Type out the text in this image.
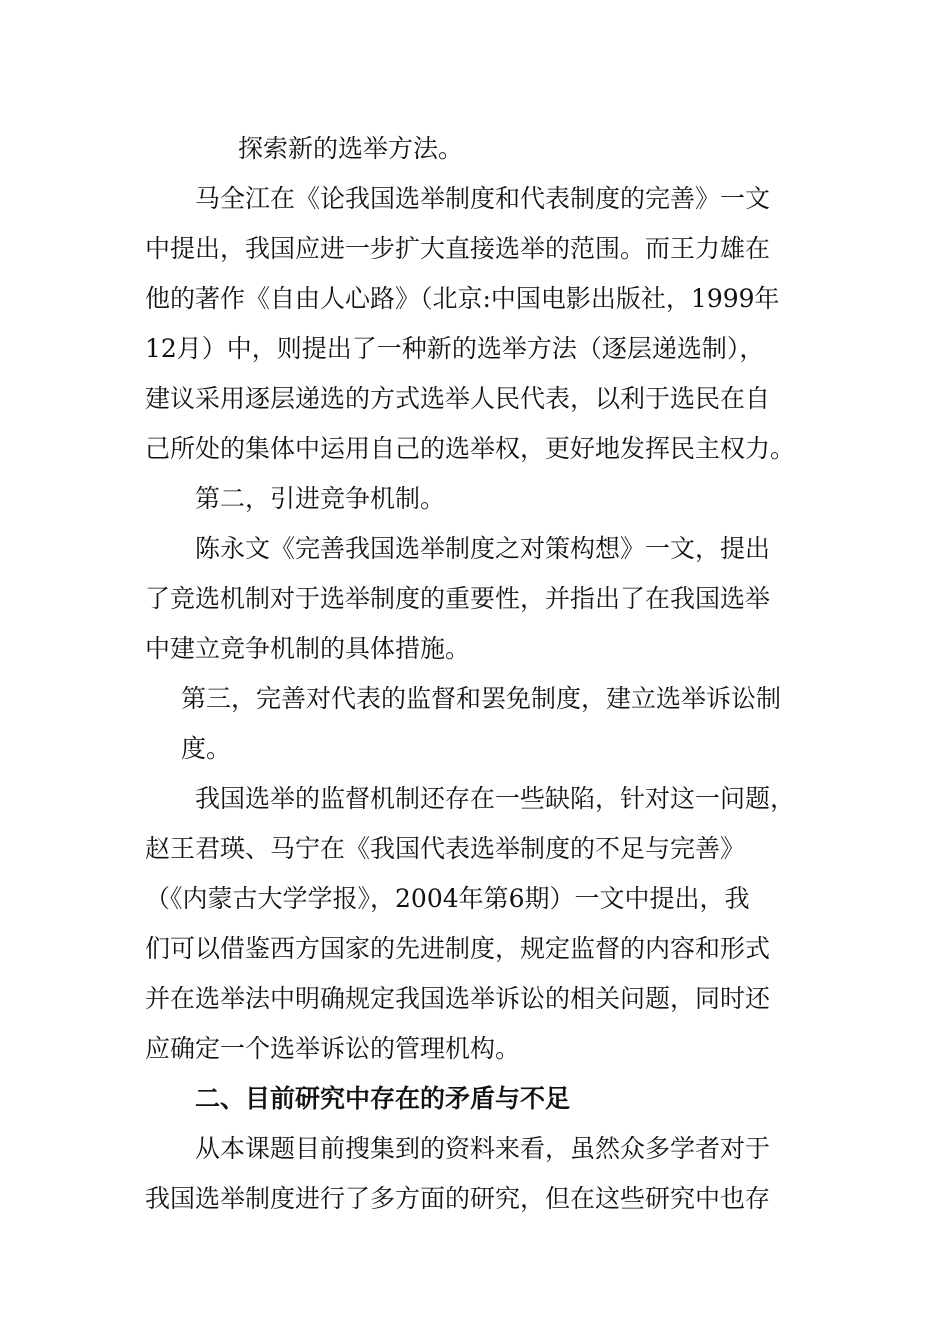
探索新的选举方法。

马全江在《论我国选举制度和代表制度的完善》一文

中提出，我国应进一步扩大直接选举的范围。而王力雄在

他的著作《自由人心路》（北京:中国电影出版社，1999年

12月）中，则提出了一种新的选举方法（逐层递选制），

建议采用逐层递选的方式选举人民代表，以利于选民在自

己所处的集体中运用自己的选举权，更好地发挥民主权力。

第二，引进竞争机制。

陈永文《完善我国选举制度之对策构想》一文，提出

了竞选机制对于选举制度的重要性，并指出了在我国选举

中建立竞争机制的具体措施。

第三，完善对代表的监督和罢免制度，建立选举诉讼制

度。

我国选举的监督机制还存在一些缺陷，针对这一问题，

赵王君瑛、马宁在《我国代表选举制度的不足与完善》

（《内蒙古大学学报》，2004年第6期）一文中提出，我

们可以借鉴西方国家的先进制度，规定监督的内容和形式

并在选举法中明确规定我国选举诉讼的相关问题，同时还

应确定一个选举诉讼的管理机构。

二、目前研究中存在的矛盾与不足

从本课题目前搜集到的资料来看，虽然众多学者对于

我国选举制度进行了多方面的研究，但在这些研究中也存
